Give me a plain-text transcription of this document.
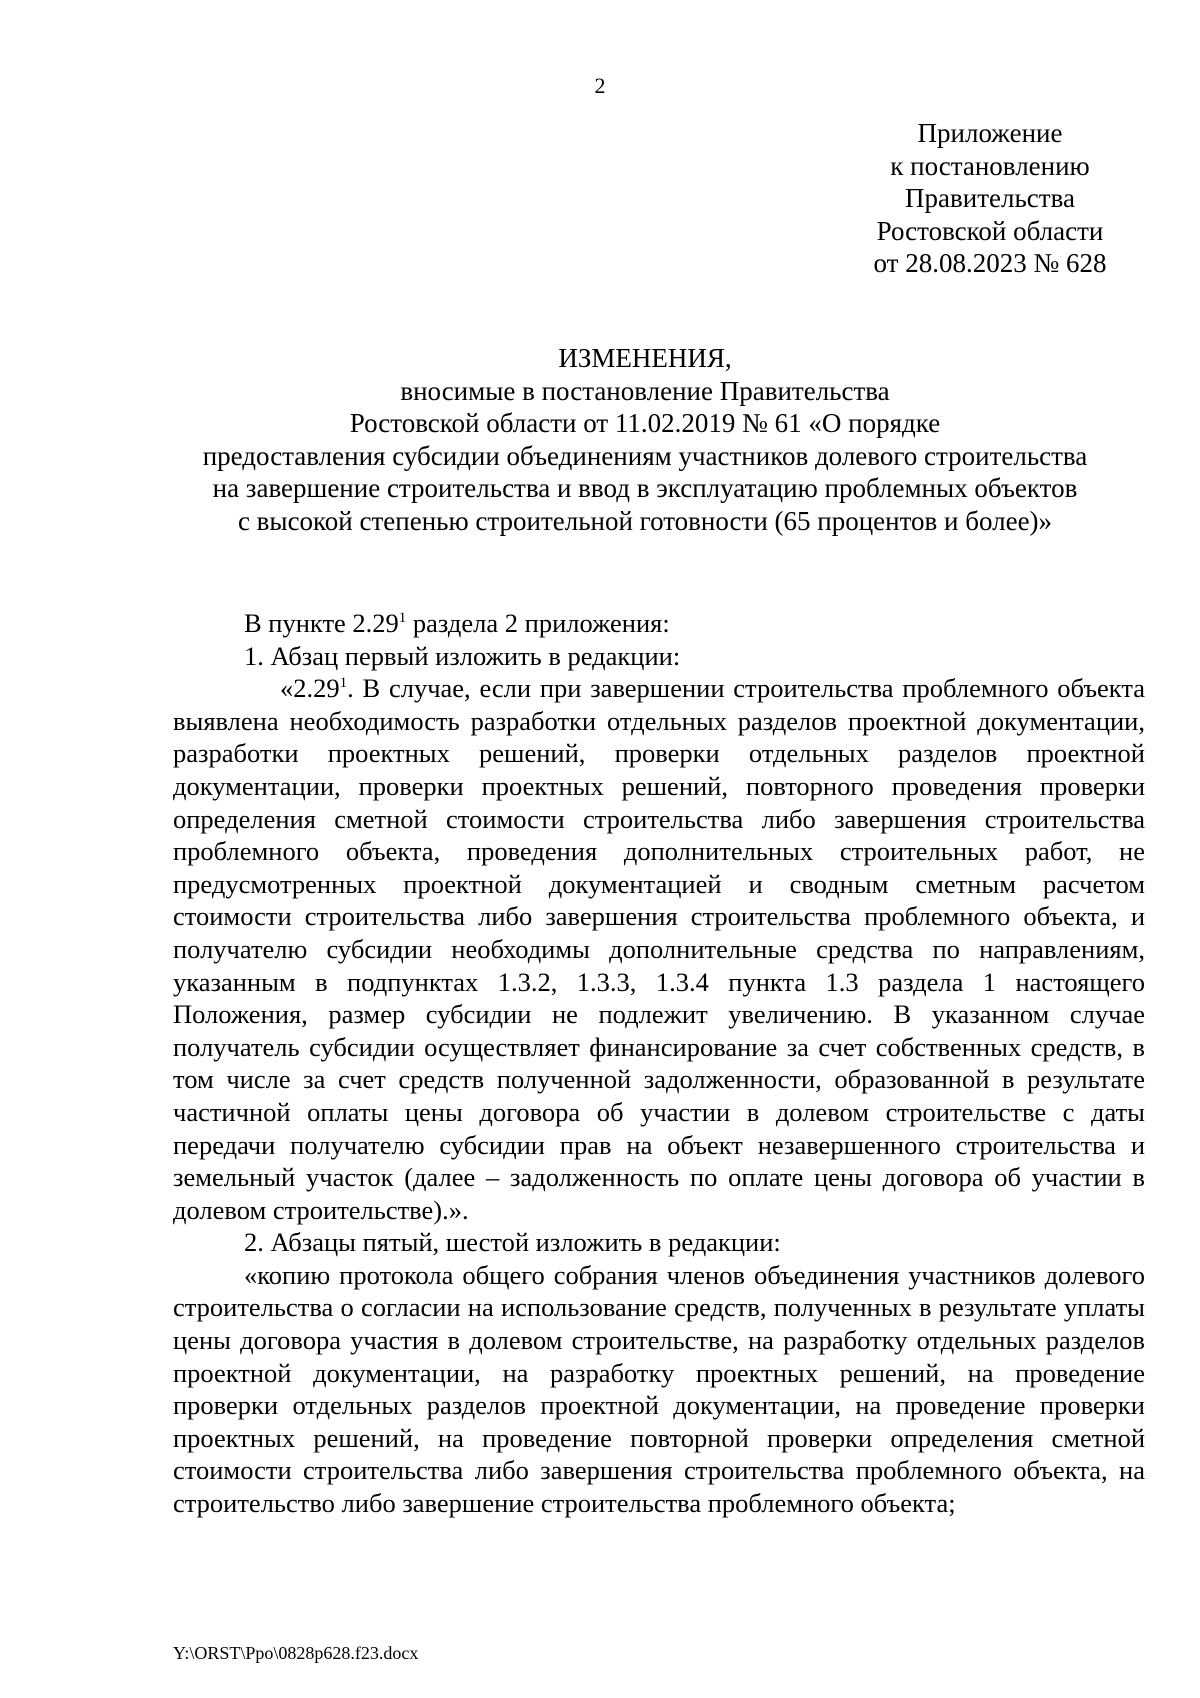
2
Приложение
к постановлению
Правительства
Ростовской области
от 28.08.2023 № 628
ИЗМЕНЕНИЯ,
вносимые в постановление Правительства
Ростовской области от 11.02.2019 № 61 «О порядке
предоставления субсидии объединениям участников долевого строительства
на завершение строительства и ввод в эксплуатацию проблемных объектов
с высокой степенью строительной готовности (65 процентов и более)»

В пункте 2.29$^1$ раздела 2 приложения:

1. Абзац первый изложить в редакции:

«2.29$^1$. В случае, если при завершении строительства проблемного объекта выявлена необходимость разработки отдельных разделов проектной документации, разработки проектных решений, проверки отдельных разделов проектной документации, проверки проектных решений, повторного проведения проверки определения сметной стоимости строительства либо завершения строительства проблемного объекта, проведения дополнительных строительных работ, не предусмотренных проектной документацией и сводным сметным расчетом стоимости строительства либо завершения строительства проблемного объекта, и получателю субсидии необходимы дополнительные средства по направлениям, указанным в подпунктах 1.3.2, 1.3.3, 1.3.4 пункта 1.3 раздела 1 настоящего Положения, размер субсидии не подлежит увеличению. В указанном случае получатель субсидии осуществляет финансирование за счет собственных средств, в том числе за счет средств полученной задолженности, образованной в результате частичной оплаты цены договора об участии в долевом строительстве с даты передачи получателю субсидии прав на объект незавершенного строительства и земельный участок (далее – задолженность по оплате цены договора об участии в долевом строительстве).».

2. Абзацы пятый, шестой изложить в редакции:

«копию протокола общего собрания членов объединения участников долевого строительства о согласии на использование средств, полученных в результате уплаты цены договора участия в долевом строительстве, на разработку отдельных разделов проектной документации, на разработку проектных решений, на проведение проверки отдельных разделов проектной документации, на проведение проверки проектных решений, на проведение повторной проверки определения сметной стоимости строительства либо завершения строительства проблемного объекта, на строительство либо завершение строительства проблемного объекта;

Y:\ORST\Ppo\0828p628.f23.docx
